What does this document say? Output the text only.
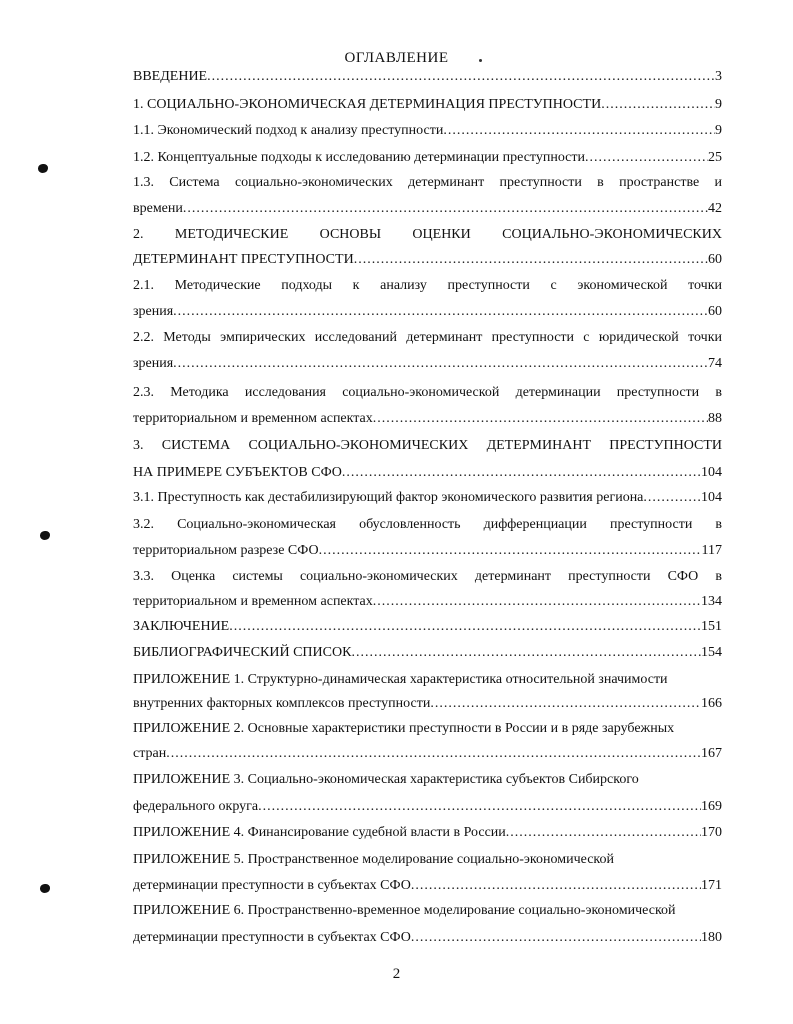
ОГЛАВЛЕНИЕ
ВВЕДЕНИЕ .....	3
1. СОЦИАЛЬНО-ЭКОНОМИЧЕСКАЯ ДЕТЕРМИНАЦИЯ ПРЕСТУПНОСТИ .....	9
1.1. Экономический подход к анализу преступности .....	9
1.2. Концептуальные подходы к исследованию детерминации преступности .....	25
1.3. Система социально-экономических детерминант преступности в пространстве и
времени .....	42
2. МЕТОДИЧЕСКИЕ ОСНОВЫ ОЦЕНКИ СОЦИАЛЬНО-ЭКОНОМИЧЕСКИХ
ДЕТЕРМИНАНТ ПРЕСТУПНОСТИ .....	60
2.1. Методические подходы к анализу преступности с экономической точки
зрения .....	60
2.2. Методы эмпирических исследований детерминант преступности с юридической точки
зрения .....	74
2.3. Методика исследования социально-экономической детерминации преступности в
территориальном и временном аспектах .....	88
3. СИСТЕМА СОЦИАЛЬНО-ЭКОНОМИЧЕСКИХ ДЕТЕРМИНАНТ ПРЕСТУПНОСТИ
НА ПРИМЕРЕ СУБЪЕКТОВ СФО .....	104
3.1. Преступность как дестабилизирующий фактор экономического развития региона .....	104
3.2. Социально-экономическая обусловленность дифференциации преступности в
территориальном разрезе СФО .....	117
3.3. Оценка системы социально-экономических детерминант преступности СФО в
территориальном и временном аспектах .....	134
ЗАКЛЮЧЕНИЕ .....	151
БИБЛИОГРАФИЧЕСКИЙ СПИСОК .....	154
ПРИЛОЖЕНИЕ 1. Структурно-динамическая характеристика относительной значимости
внутренних факторных комплексов преступности .....	166
ПРИЛОЖЕНИЕ 2. Основные характеристики преступности в России и в ряде зарубежных
стран .....	167
ПРИЛОЖЕНИЕ 3. Социально-экономическая характеристика субъектов Сибирского
федерального округа .....	169
ПРИЛОЖЕНИЕ 4. Финансирование судебной власти в России .....	170
ПРИЛОЖЕНИЕ 5. Пространственное моделирование социально-экономической
детерминации преступности в субъектах СФО .....	171
ПРИЛОЖЕНИЕ 6. Пространственно-временное моделирование социально-экономической
детерминации преступности в субъектах СФО .....	180
2
